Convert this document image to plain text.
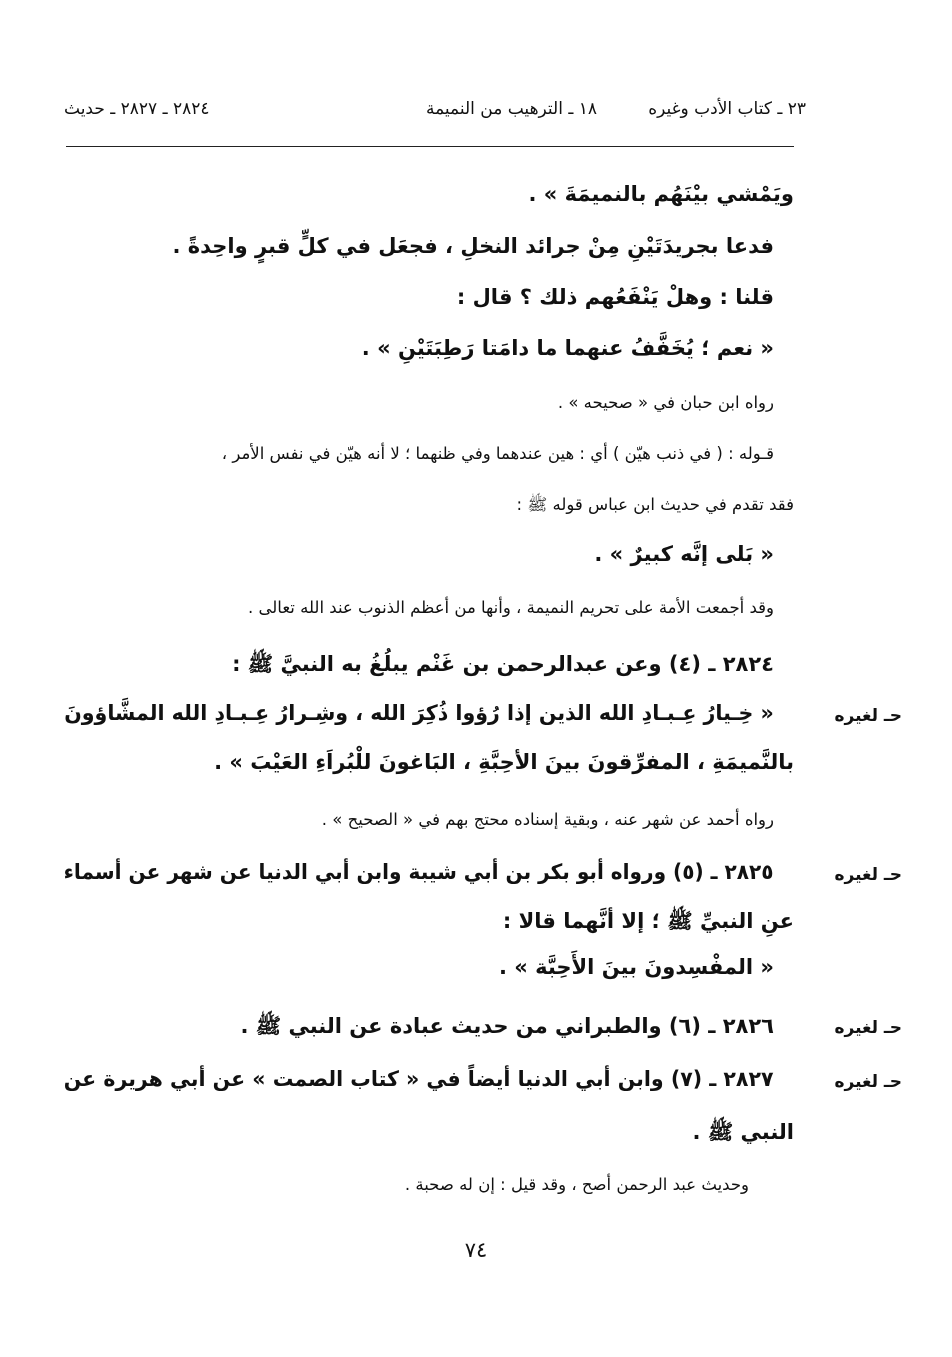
٢٣ ـ كتاب الأدب وغيره
١٨ ـ الترهيب من النميمة
٢٨٢٤ ـ ٢٨٢٧ ـ حديث
ويَمْشي بيْنَهُم بالنميمَةَ » .
فدعا بجريدَتَيْنِ مِنْ جرائد النخلِ ، فجعَل في كلٍّ قبرٍ واحِدةً .
قلنا : وهلْ يَنْفَعُهم ذلك ؟ قال :
« نعم ؛ يُخَفَّفُ عنهما ما دامَتا رَطِبَتَيْنِ » .
رواه ابن حبان في « صحيحه » .
قـوله : ( في ذنب هيّن ) أي : هين عندهما وفي ظنهما ؛ لا أنه هيّن في نفس الأمر ،
فقد تقدم في حديث ابن عباس قوله ﷺ :
« بَلى إنَّه كبيرٌ » .
وقد أجمعت الأمة على تحريم النميمة ، وأنها من أعظم الذنوب عند الله تعالى .
٢٨٢٤ ـ (٤) وعن عبدالرحمن بن غَنْم يبلُغُ به النبيَّ ﷺ :
حـ لغيره
« خِـيارُ عِـبـادِ الله الذين إذا رُؤوا ذُكِرَ الله ، وشِـرارُ عِـبـادِ الله المشَّاؤونَ
بالنَّميمَةِ ، المفرِّقونَ بينَ الأحِبَّةِ ، البَاغونَ للْبُراَءِ العَيْبَ » .
رواه أحمد عن شهر عنه ، وبقية إسناده محتج بهم في « الصحيح » .
حـ لغيره
٢٨٢٥ ـ (٥) ورواه أبو بكر بن أبي شيبة وابن أبي الدنيا عن شهر عن أسماء
عنِ النبيِّ ﷺ ؛ إلا أنَّهما قالا :
« المفْسِدونَ بينَ الأَحِبَّة » .
حـ لغيره
٢٨٢٦ ـ (٦) والطبراني من حديث عبادة عن النبي ﷺ .
حـ لغيره
٢٨٢٧ ـ (٧) وابن أبي الدنيا أيضاً في « كتاب الصمت » عن أبي هريرة عن
النبي ﷺ .
وحديث عبد الرحمن أصح ، وقد قيل : إن له صحبة .
٧٤
